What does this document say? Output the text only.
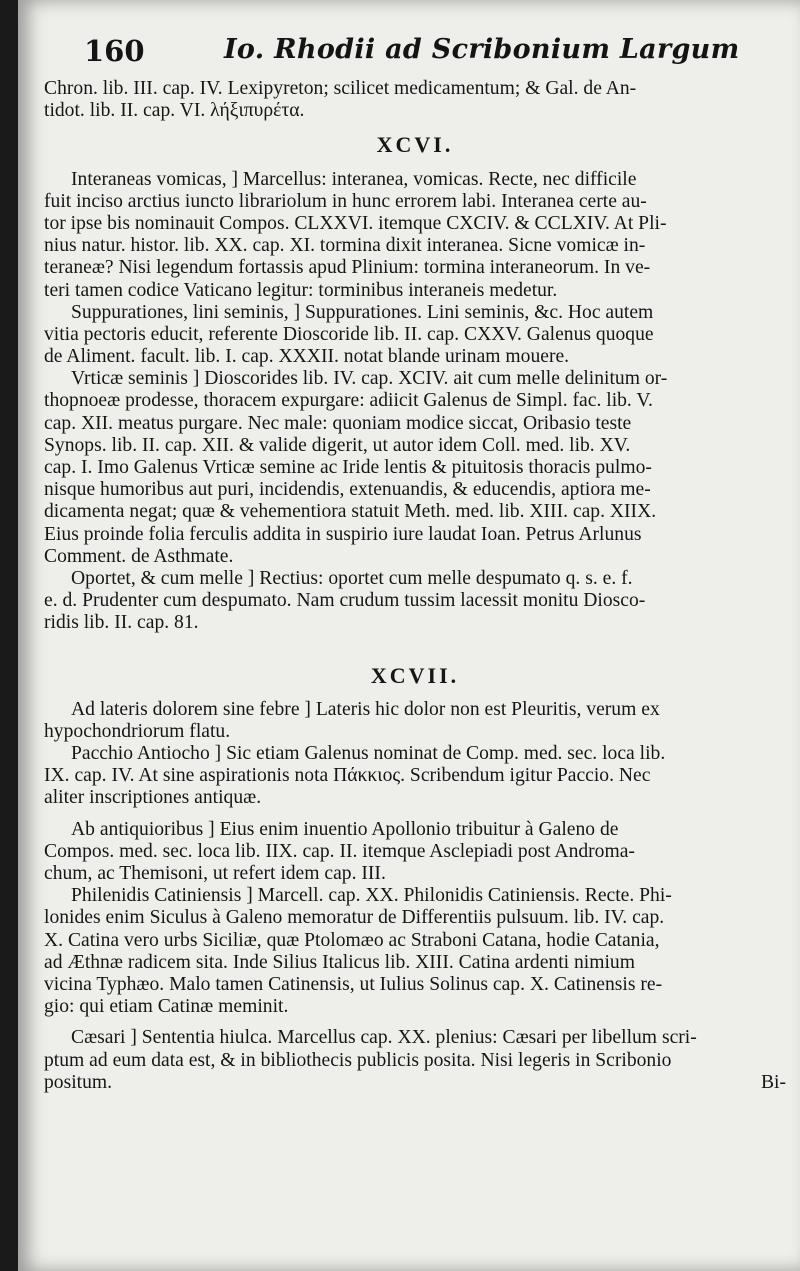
160	Io. Rhodii ad Scribonium Largum
Chron. lib. III. cap. IV. Lexipyreton; scilicet medicamentum; & Gal. de An-
tidot. lib. II. cap. VI. λήξιπυρέτα.
XCVI.
Interaneas vomicas, ] Marcellus: interanea, vomicas. Recte, nec difficile
fuit inciso arctius iuncto librariolum in hunc errorem labi. Interanea certe au-
tor ipse bis nominauit Compos. CLXXVI. itemque CXCIV. & CCLXIV. At Pli-
nius natur. histor. lib. XX. cap. XI. tormina dixit interanea. Sicne vomicæ in-
teraneæ? Nisi legendum fortassis apud Plinium: tormina interaneorum. In ve-
teri tamen codice Vaticano legitur: torminibus interaneis medetur.
Suppurationes, lini seminis, ] Suppurationes. Lini seminis, &c. Hoc autem
vitia pectoris educit, referente Dioscoride lib. II. cap. CXXV. Galenus quoque
de Aliment. facult. lib. I. cap. XXXII. notat blande urinam mouere.
Vrticæ seminis ] Dioscorides lib. IV. cap. XCIV. ait cum melle delinitum or-
thopnoeæ prodesse, thoracem expurgare: adiicit Galenus de Simpl. fac. lib. V.
cap. XII. meatus purgare. Nec male: quoniam modice siccat, Oribasio teste
Synops. lib. II. cap. XII. & valide digerit, ut autor idem Coll. med. lib. XV.
cap. I. Imo Galenus Vrticæ semine ac Iride lentis & pituitosis thoracis pulmo-
nisque humoribus aut puri, incidendis, extenuandis, & educendis, aptiora me-
dicamenta negat; quæ & vehementiora statuit Meth. med. lib. XIII. cap. XIIX.
Eius proinde folia ferculis addita in suspirio iure laudat Ioan. Petrus Arlunus
Comment. de Asthmate.
Oportet, & cum melle ] Rectius: oportet cum melle despumato q. s. e. f.
e. d. Prudenter cum despumato. Nam crudum tussim lacessit monitu Diosco-
ridis lib. II. cap. 81.
XCVII.
Ad lateris dolorem sine febre ] Lateris hic dolor non est Pleuritis, verum ex
hypochondriorum flatu.
Pacchio Antiocho ] Sic etiam Galenus nominat de Comp. med. sec. loca lib.
IX. cap. IV. At sine aspirationis nota Πάκκιος. Scribendum igitur Paccio. Nec
aliter inscriptiones antiquæ.
Ab antiquioribus ] Eius enim inuentio Apollonio tribuitur à Galeno de
Compos. med. sec. loca lib. IIX. cap. II. itemque Asclepiadi post Androma-
chum, ac Themisoni, ut refert idem cap. III.
Philenidis Catiniensis ] Marcell. cap. XX. Philonidis Catiniensis. Recte. Phi-
lonides enim Siculus à Galeno memoratur de Differentiis pulsuum. lib. IV. cap.
X. Catina vero urbs Siciliæ, quæ Ptolomæo ac Straboni Catana, hodie Catania,
ad Æthnæ radicem sita. Inde Silius Italicus lib. XIII. Catina ardenti nimium
vicina Typhæo. Malo tamen Catinensis, ut Iulius Solinus cap. X. Catinensis re-
gio: qui etiam Catinæ meminit.
Cæsari ] Sententia hiulca. Marcellus cap. XX. plenius: Cæsari per libellum scri-
ptum ad eum data est, & in bibliothecis publicis posita. Nisi legeris in Scribonio
positum.	Bi-
